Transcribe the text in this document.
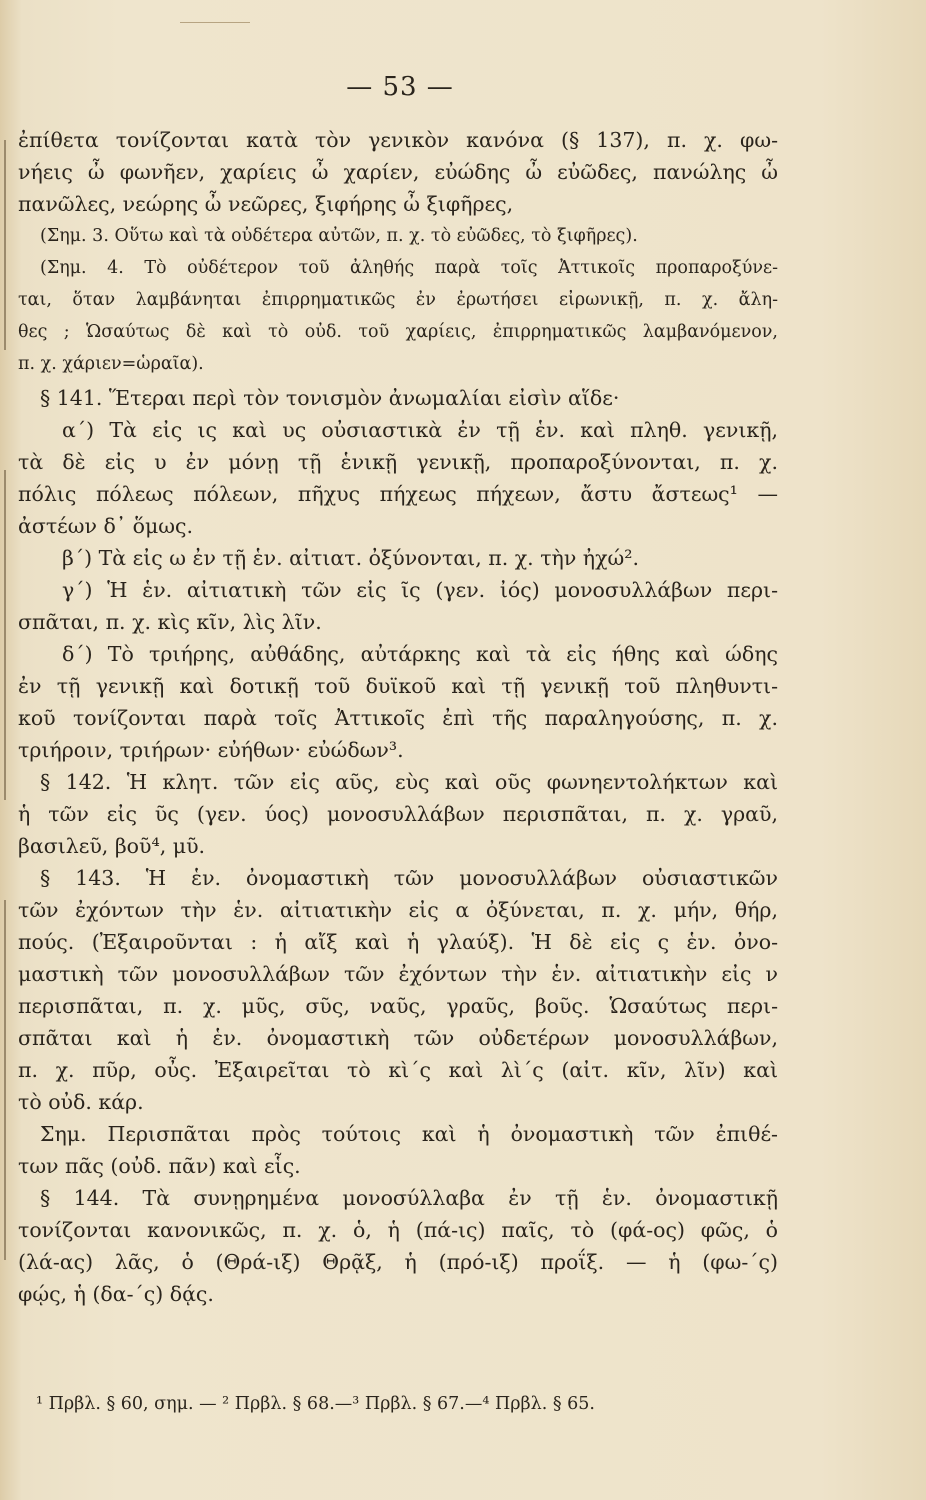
— 53 —
ἐπίθετα τονίζονται κατὰ τὸν γενικὸν κανόνα (§ 137), π. χ. φω-
νήεις ὦ φωνῆεν, χαρίεις ὦ χαρίεν, εὐώδης ὦ εὐῶδες, πανώλης ὦ
πανῶλες, νεώρης ὦ νεῶρες, ξιφήρης ὦ ξιφῆρες,
(Σημ. 3. Οὕτω καὶ τὰ οὐδέτερα αὐτῶν, π. χ. τὸ εὐῶδες, τὸ ξιφῆρες).
(Σημ. 4. Τὸ οὐδέτερον τοῦ ἀληθής παρὰ τοῖς Ἀττικοῖς προπαροξύνε-
ται, ὅταν λαμβάνηται ἐπιρρηματικῶς ἐν ἐρωτήσει εἰρωνικῇ, π. χ. ἄλη-
θες ; Ὡσαύτως δὲ καὶ τὸ οὐδ. τοῦ χαρίεις, ἐπιρρηματικῶς λαμβανόμενον,
π. χ. χάριεν=ὡραῖα).
§ 141. Ἕτεραι περὶ τὸν τονισμὸν ἀνωμαλίαι εἰσὶν αἵδε·
α΄) Τὰ εἰς ις καὶ υς οὐσιαστικὰ ἐν τῇ ἑν. καὶ πληθ. γενικῇ,
τὰ δὲ εἰς υ ἐν μόνῃ τῇ ἑνικῇ γενικῇ, προπαροξύνονται, π. χ.
πόλις πόλεως πόλεων, πῆχυς πήχεως πήχεων, ἄστυ ἄστεως¹ —
ἀστέων δ᾽ ὅμως.
β΄) Τὰ εἰς ω ἐν τῇ ἑν. αἰτιατ. ὀξύνονται, π. χ. τὴν ἠχώ².
γ΄) Ἡ ἑν. αἰτιατικὴ τῶν εἰς ῖς (γεν. ἰός) μονοσυλλάβων περι-
σπᾶται, π. χ. κὶς κῖν, λὶς λῖν.
δ΄) Τὸ τριήρης, αὐθάδης, αὐτάρκης καὶ τὰ εἰς ήθης καὶ ώδης
ἐν τῇ γενικῇ καὶ δοτικῇ τοῦ δυϊκοῦ καὶ τῇ γενικῇ τοῦ πληθυντι-
κοῦ τονίζονται παρὰ τοῖς Ἀττικοῖς ἐπὶ τῆς παραληγούσης, π. χ.
τριήροιν, τριήρων· εὐήθων· εὐώδων³.
§ 142. Ἡ κλητ. τῶν εἰς αῦς, εὺς καὶ οῦς φωνηεντολήκτων καὶ
ἡ τῶν εἰς ῦς (γεν. ύος) μονοσυλλάβων περισπᾶται, π. χ. γραῦ,
βασιλεῦ, βοῦ⁴, μῦ.
§ 143. Ἡ ἑν. ὀνομαστικὴ τῶν μονοσυλλάβων οὐσιαστικῶν
τῶν ἐχόντων τὴν ἑν. αἰτιατικὴν εἰς α ὀξύνεται, π. χ. μήν, θήρ,
πούς. (Ἐξαιροῦνται : ἡ αἴξ καὶ ἡ γλαύξ). Ἡ δὲ εἰς ς ἑν. ὀνο-
μαστικὴ τῶν μονοσυλλάβων τῶν ἐχόντων τὴν ἑν. αἰτιατικὴν εἰς ν
περισπᾶται, π. χ. μῦς, σῦς, ναῦς, γραῦς, βοῦς. Ὡσαύτως περι-
σπᾶται καὶ ἡ ἑν. ὀνομαστικὴ τῶν οὐδετέρων μονοσυλλάβων,
π. χ. πῦρ, οὖς. Ἐξαιρεῖται τὸ κὶ΄ς καὶ λὶ΄ς (αἰτ. κῖν, λῖν) καὶ
τὸ οὐδ. κάρ.
Σημ. Περισπᾶται πρὸς τούτοις καὶ ἡ ὀνομαστικὴ τῶν ἐπιθέ-
των πᾶς (οὐδ. πᾶν) καὶ εἷς.
§ 144. Τὰ συνῃρημένα μονοσύλλαβα ἐν τῇ ἑν. ὀνομαστικῇ
τονίζονται κανονικῶς, π. χ. ὁ, ἡ (πά-ις) παῖς, τὸ (φά-ος) φῶς, ὁ
(λά-ας) λᾶς, ὁ (Θρά-ιξ) Θρᾷξ, ἡ (πρό-ιξ) προΐξ. — ἡ (φω-΄ς)
φῴς, ἡ (δα-΄ς) δᾴς.
¹ Πρβλ. § 60, σημ. — ² Πρβλ. § 68.—³ Πρβλ. § 67.—⁴ Πρβλ. § 65.
